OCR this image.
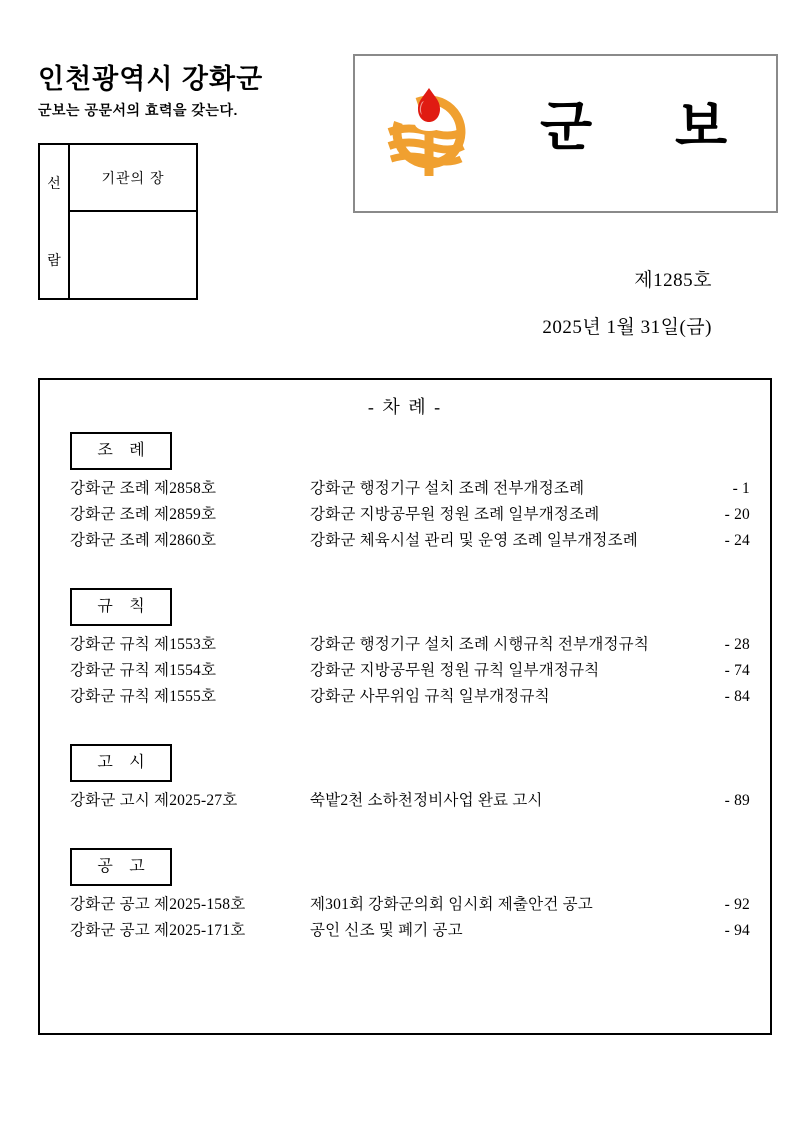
인천광역시 강화군
군보는 공문서의 효력을 갖는다.
선
람
기관의 장
군 보
제1285호
2025년 1월 31일(금)
- 차 례 -
조 례
강화군 조례 제2858호	강화군 행정기구 설치 조례 전부개정조례	- 1
강화군 조례 제2859호	강화군 지방공무원 정원 조례 일부개정조례	- 20
강화군 조례 제2860호	강화군 체육시설 관리 및 운영 조례 일부개정조례	- 24
규 칙
강화군 규칙 제1553호	강화군 행정기구 설치 조례 시행규칙 전부개정규칙	- 28
강화군 규칙 제1554호	강화군 지방공무원 정원 규칙 일부개정규칙	- 74
강화군 규칙 제1555호	강화군 사무위임 규칙 일부개정규칙	- 84
고 시
강화군 고시 제2025-27호	쑥밭2천 소하천정비사업 완료 고시	- 89
공 고
강화군 공고 제2025-158호	제301회 강화군의회 임시회 제출안건 공고	- 92
강화군 공고 제2025-171호	공인 신조 및 폐기 공고	- 94
